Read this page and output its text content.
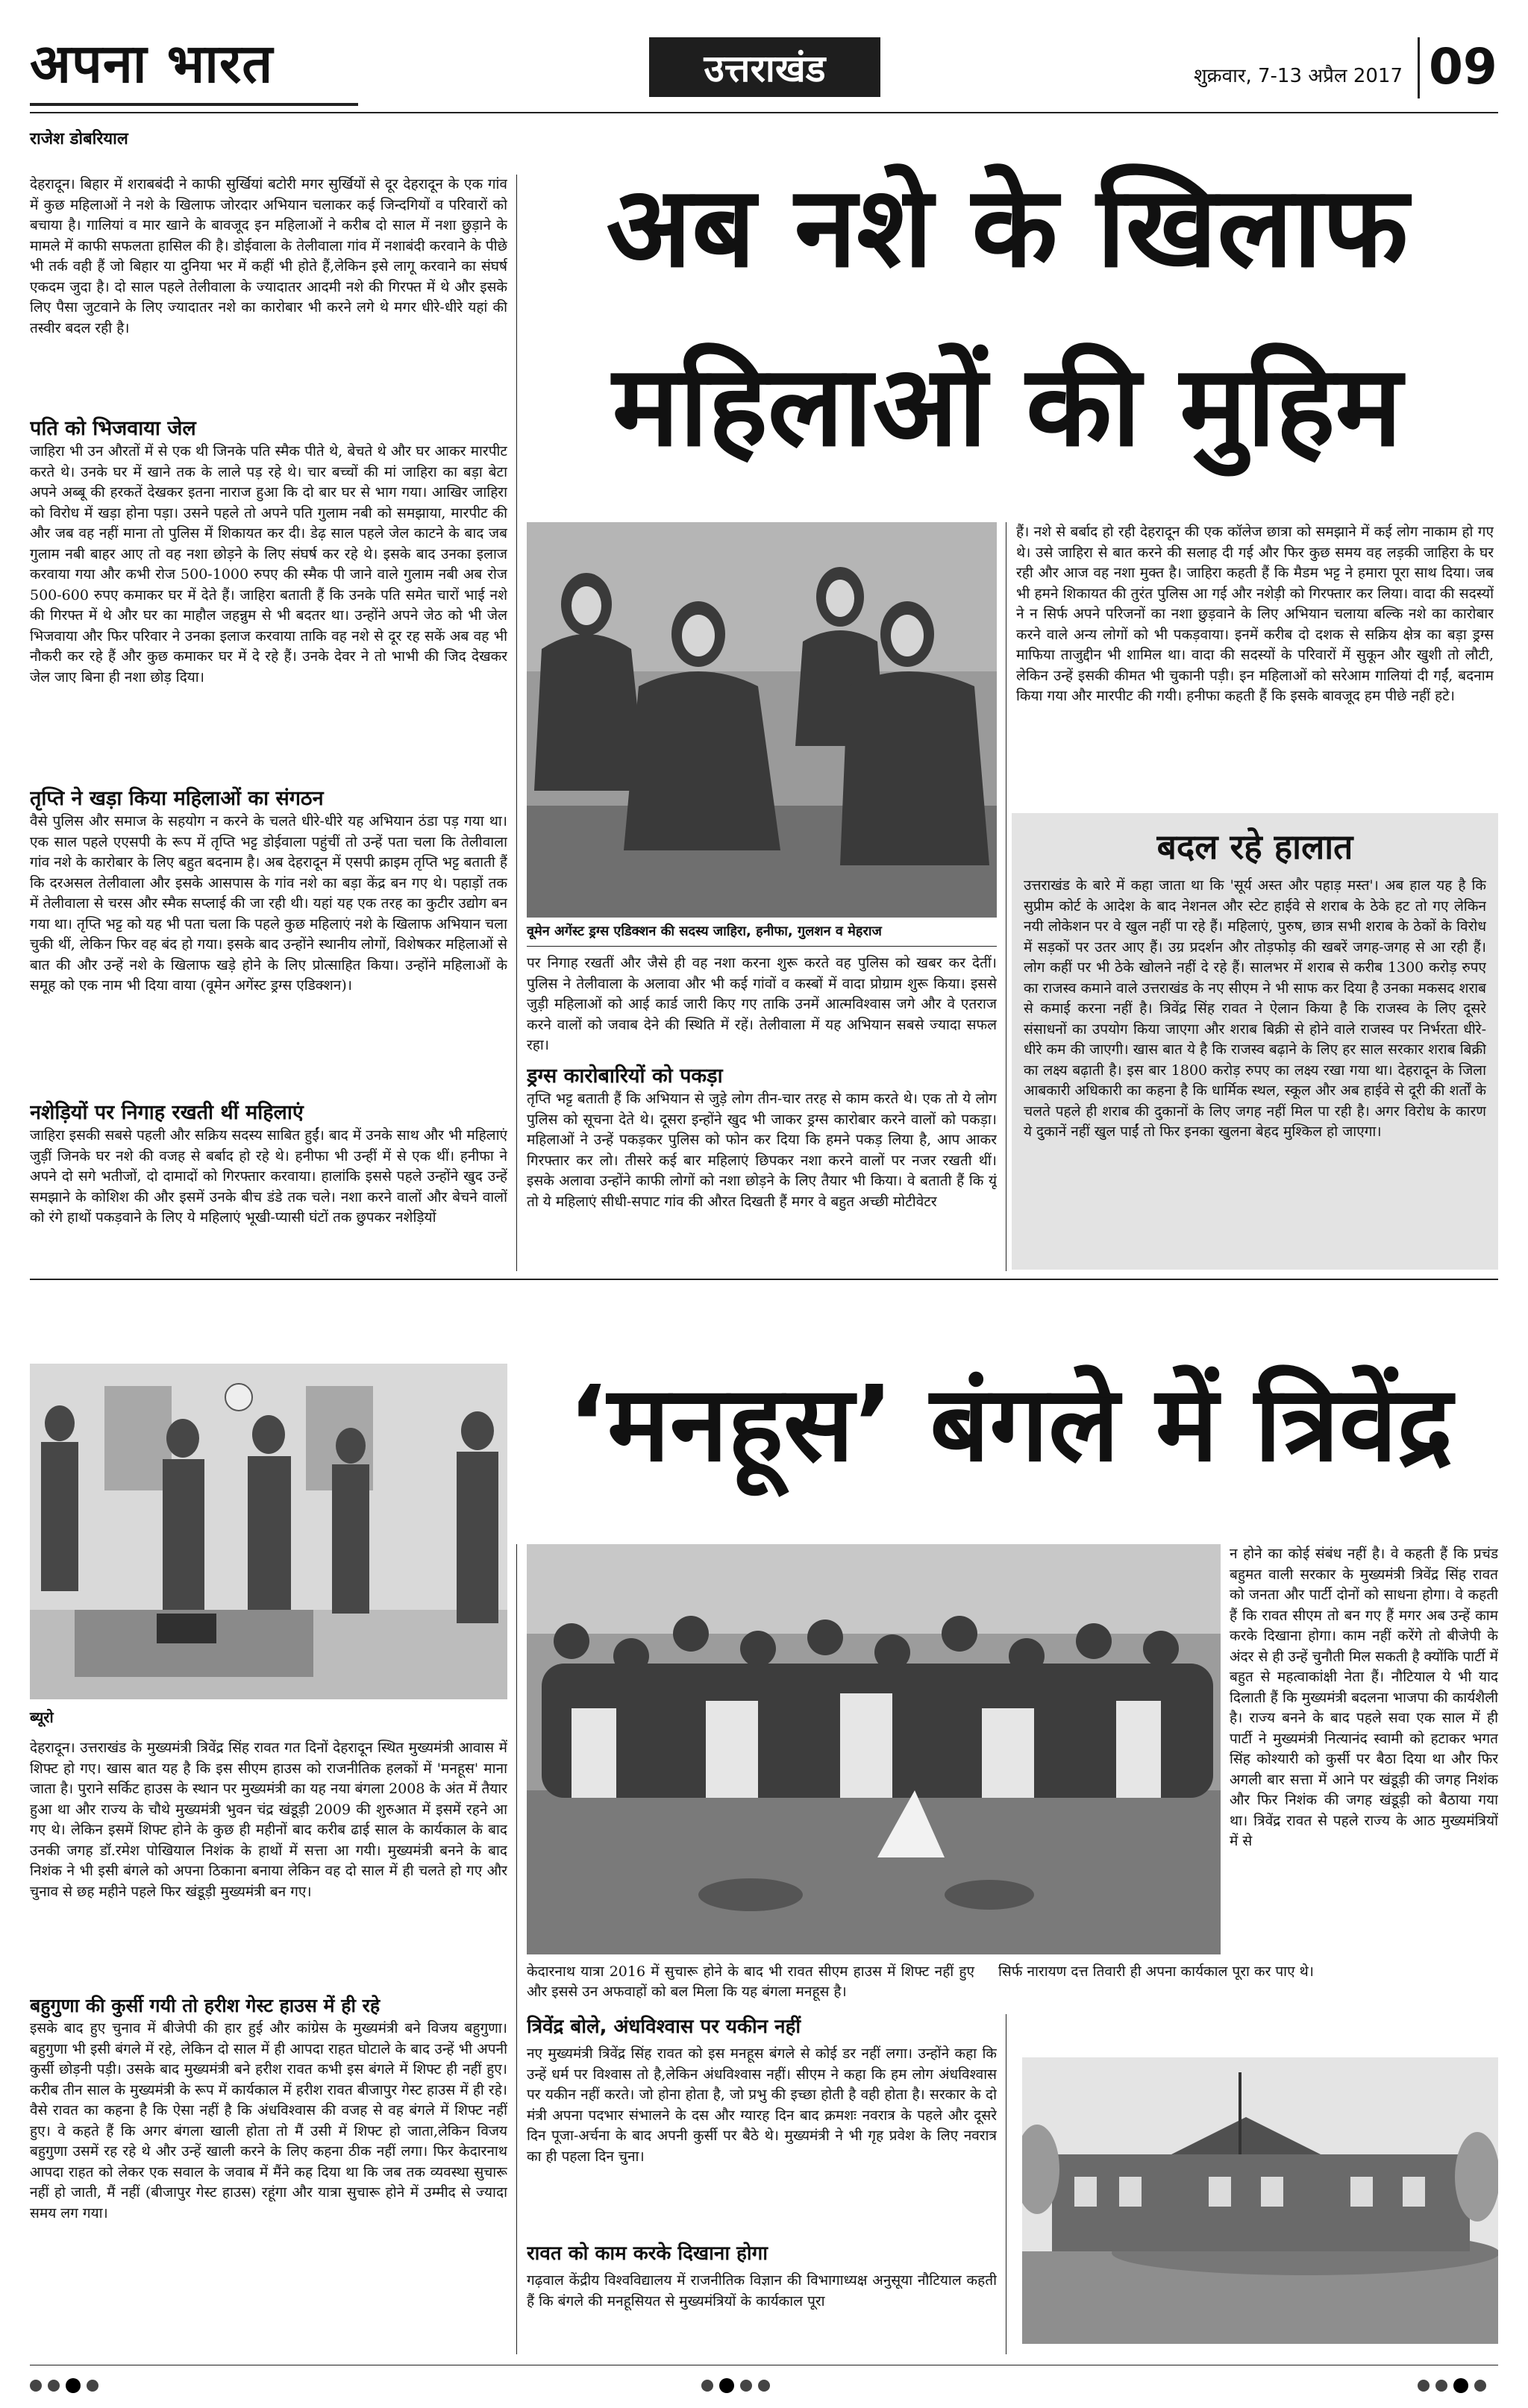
अपना भारत	उत्तराखंड	शुक्रवार, 7-13 अप्रैल 2017 09
राजेश डोबरियाल
अब नशे के खिलाफ
महिलाओं की मुहिम

देहरादून। बिहार में शराबबंदी ने काफी सुर्खियां बटोरी मगर सुर्खियों से दूर देहरादून के एक गांव में कुछ महिलाओं ने नशे के खिलाफ जोरदार अभियान चलाकर कई जिन्दगियों व परिवारों को बचाया है। गालियां व मार खाने के बावजूद इन महिलाओं ने करीब दो साल में नशा छुड़ाने के मामले में काफी सफलता हासिल की है। डोईवाला के तेलीवाला गांव में नशाबंदी करवाने के पीछे भी तर्क वही हैं जो बिहार या दुनिया भर में कहीं भी होते हैं,लेकिन इसे लागू करवाने का संघर्ष एकदम जुदा है। दो साल पहले तेलीवाला के ज्यादातर आदमी नशे की गिरफ्त में थे और इसके लिए पैसा जुटवाने के लिए ज्यादातर नशे का कारोबार भी करने लगे थे मगर धीरे-धीरे यहां की तस्वीर बदल रही है।

पति को भिजवाया जेल

जाहिरा भी उन औरतों में से एक थी जिनके पति स्मैक पीते थे, बेचते थे और घर आकर मारपीट करते थे। उनके घर में खाने तक के लाले पड़ रहे थे। चार बच्चों की मां जाहिरा का बड़ा बेटा अपने अब्बू की हरकतें देखकर इतना नाराज हुआ कि दो बार घर से भाग गया। आखिर जाहिरा को विरोध में खड़ा होना पड़ा। उसने पहले तो अपने पति गुलाम नबी को समझाया, मारपीट की और जब वह नहीं माना तो पुलिस में शिकायत कर दी। डेढ़ साल पहले जेल काटने के बाद जब गुलाम नबी बाहर आए तो वह नशा छोड़ने के लिए संघर्ष कर रहे थे। इसके बाद उनका इलाज करवाया गया और कभी रोज 500-1000 रुपए की स्मैक पी जाने वाले गुलाम नबी अब रोज 500-600 रुपए कमाकर घर में देते हैं। जाहिरा बताती हैं कि उनके पति समेत चारों भाई नशे की गिरफ्त में थे और घर का माहौल जहन्नुम से भी बदतर था। उन्होंने अपने जेठ को भी जेल भिजवाया और फिर परिवार ने उनका इलाज करवाया ताकि वह नशे से दूर रह सकें अब वह भी नौकरी कर रहे हैं और कुछ कमाकर घर में दे रहे हैं। उनके देवर ने तो भाभी की जिद देखकर जेल जाए बिना ही नशा छोड़ दिया।

तृप्ति ने खड़ा किया महिलाओं का संगठन

वैसे पुलिस और समाज के सहयोग न करने के चलते धीरे-धीरे यह अभियान ठंडा पड़ गया था। एक साल पहले एएसपी के रूप में तृप्ति भट्ट डोईवाला पहुंचीं तो उन्हें पता चला कि तेलीवाला गांव नशे के कारोबार के लिए बहुत बदनाम है। अब देहरादून में एसपी क्राइम तृप्ति भट्ट बताती हैं कि दरअसल तेलीवाला और इसके आसपास के गांव नशे का बड़ा केंद्र बन गए थे। पहाड़ों तक में तेलीवाला से चरस और स्मैक सप्लाई की जा रही थी। यहां यह एक तरह का कुटीर उद्योग बन गया था। तृप्ति भट्ट को यह भी पता चला कि पहले कुछ महिलाएं नशे के खिलाफ अभियान चला चुकी थीं, लेकिन फिर वह बंद हो गया। इसके बाद उन्होंने स्थानीय लोगों, विशेषकर महिलाओं से बात की और उन्हें नशे के खिलाफ खड़े होने के लिए प्रोत्साहित किया। उन्होंने महिलाओं के समूह को एक नाम भी दिया वाया (वूमेन अगेंस्ट ड्रग्स एडिक्शन)।

नशेड़ियों पर निगाह रखती थीं महिलाएं

जाहिरा इसकी सबसे पहली और सक्रिय सदस्य साबित हुईं। बाद में उनके साथ और भी महिलाएं जुड़ीं जिनके घर नशे की वजह से बर्बाद हो रहे थे। हनीफा भी उन्हीं में से एक थीं। हनीफा ने अपने दो सगे भतीजों, दो दामादों को गिरफ्तार करवाया। हालांकि इससे पहले उन्होंने खुद उन्हें समझाने के कोशिश की और इसमें उनके बीच डंडे तक चले। नशा करने वालों और बेचने वालों को रंगे हाथों पकड़वाने के लिए ये महिलाएं भूखी-प्यासी घंटों तक छुपकर नशेड़ियों

वूमेन अगेंस्ट ड्रग्स एडिक्शन की सदस्य जाहिरा, हनीफा, गुलशन व मेहराज

पर निगाह रखतीं और जैसे ही वह नशा करना शुरू करते वह पुलिस को खबर कर देतीं। पुलिस ने तेलीवाला के अलावा और भी कई गांवों व कस्बों में वादा प्रोग्राम शुरू किया। इससे जुड़ी महिलाओं को आई कार्ड जारी किए गए ताकि उनमें आत्मविश्वास जगे और वे एतराज करने वालों को जवाब देने की स्थिति में रहें। तेलीवाला में यह अभियान सबसे ज्यादा सफल रहा।

ड्रग्स कारोबारियों को पकड़ा

तृप्ति भट्ट बताती हैं कि अभियान से जुड़े लोग तीन-चार तरह से काम करते थे। एक तो ये लोग पुलिस को सूचना देते थे। दूसरा इन्होंने खुद भी जाकर ड्रग्स कारोबार करने वालों को पकड़ा। महिलाओं ने उन्हें पकड़कर पुलिस को फोन कर दिया कि हमने पकड़ लिया है, आप आकर गिरफ्तार कर लो। तीसरे कई बार महिलाएं छिपकर नशा करने वालों पर नजर रखती थीं। इसके अलावा उन्होंने काफी लोगों को नशा छोड़ने के लिए तैयार भी किया। वे बताती हैं कि यूं तो ये महिलाएं सीधी-सपाट गांव की औरत दिखती हैं मगर वे बहुत अच्छी मोटीवेटर

हैं। नशे से बर्बाद हो रही देहरादून की एक कॉलेज छात्रा को समझाने में कई लोग नाकाम हो गए थे। उसे जाहिरा से बात करने की सलाह दी गई और फिर कुछ समय वह लड़की जाहिरा के घर रही और आज वह नशा मुक्त है। जाहिरा कहती हैं कि मैडम भट्ट ने हमारा पूरा साथ दिया। जब भी हमने शिकायत की तुरंत पुलिस आ गई और नशेड़ी को गिरफ्तार कर लिया। वादा की सदस्यों ने न सिर्फ अपने परिजनों का नशा छुड़वाने के लिए अभियान चलाया बल्कि नशे का कारोबार करने वाले अन्य लोगों को भी पकड़वाया। इनमें करीब दो दशक से सक्रिय क्षेत्र का बड़ा ड्रग्स माफिया ताजुद्दीन भी शामिल था। वादा की सदस्यों के परिवारों में सुकून और खुशी तो लौटी, लेकिन उन्हें इसकी कीमत भी चुकानी पड़ी। इन महिलाओं को सरेआम गालियां दी गईं, बदनाम किया गया और मारपीट की गयी। हनीफा कहती हैं कि इसके बावजूद हम पीछे नहीं हटे।

बदल रहे हालात

उत्तराखंड के बारे में कहा जाता था कि 'सूर्य अस्त और पहाड़ मस्त'। अब हाल यह है कि सुप्रीम कोर्ट के आदेश के बाद नेशनल और स्टेट हाईवे से शराब के ठेके हट तो गए लेकिन नयी लोकेशन पर वे खुल नहीं पा रहे हैं। महिलाएं, पुरुष, छात्र सभी शराब के ठेकों के विरोध में सड़कों पर उतर आए हैं। उग्र प्रदर्शन और तोड़फोड़ की खबरें जगह-जगह से आ रही हैं। लोग कहीं पर भी ठेके खोलने नहीं दे रहे हैं। सालभर में शराब से करीब 1300 करोड़ रुपए का राजस्व कमाने वाले उत्तराखंड के नए सीएम ने भी साफ कर दिया है उनका मकसद शराब से कमाई करना नहीं है। त्रिवेंद्र सिंह रावत ने ऐलान किया है कि राजस्व के लिए दूसरे संसाधनों का उपयोग किया जाएगा और शराब बिक्री से होने वाले राजस्व पर निर्भरता धीरे-धीरे कम की जाएगी। खास बात ये है कि राजस्व बढ़ाने के लिए हर साल सरकार शराब बिक्री का लक्ष्य बढ़ाती है। इस बार 1800 करोड़ रुपए का लक्ष्य रखा गया था। देहरादून के जिला आबकारी अधिकारी का कहना है कि धार्मिक स्थल, स्कूल और अब हाईवे से दूरी की शर्तों के चलते पहले ही शराब की दुकानों के लिए जगह नहीं मिल पा रही है। अगर विरोध के कारण ये दुकानें नहीं खुल पाईं तो फिर इनका खुलना बेहद मुश्किल हो जाएगा।

ब्यूरो
‘मनहूस’ बंगले में त्रिवेंद्र

देहरादून। उत्तराखंड के मुख्यमंत्री त्रिवेंद्र सिंह रावत गत दिनों देहरादून स्थित मुख्यमंत्री आवास में शिफ्ट हो गए। खास बात यह है कि इस सीएम हाउस को राजनीतिक हलकों में 'मनहूस' माना जाता है। पुराने सर्किट हाउस के स्थान पर मुख्यमंत्री का यह नया बंगला 2008 के अंत में तैयार हुआ था और राज्य के चौथे मुख्यमंत्री भुवन चंद्र खंडूड़ी 2009 की शुरुआत में इसमें रहने आ गए थे। लेकिन इसमें शिफ्ट होने के कुछ ही महीनों बाद करीब ढाई साल के कार्यकाल के बाद उनकी जगह डॉ.रमेश पोखियाल निशंक के हाथों में सत्ता आ गयी। मुख्यमंत्री बनने के बाद निशंक ने भी इसी बंगले को अपना ठिकाना बनाया लेकिन वह दो साल में ही चलते हो गए और चुनाव से छह महीने पहले फिर खंडूड़ी मुख्यमंत्री बन गए।

बहुगुणा की कुर्सी गयी तो हरीश गेस्ट हाउस में ही रहे

इसके बाद हुए चुनाव में बीजेपी की हार हुई और कांग्रेस के मुख्यमंत्री बने विजय बहुगुणा। बहुगुणा भी इसी बंगले में रहे, लेकिन दो साल में ही आपदा राहत घोटाले के बाद उन्हें भी अपनी कुर्सी छोड़नी पड़ी। उसके बाद मुख्यमंत्री बने हरीश रावत कभी इस बंगले में शिफ्ट ही नहीं हुए। करीब तीन साल के मुख्यमंत्री के रूप में कार्यकाल में हरीश रावत बीजापुर गेस्ट हाउस में ही रहे। वैसे रावत का कहना है कि ऐसा नहीं है कि अंधविश्वास की वजह से वह बंगले में शिफ्ट नहीं हुए। वे कहते हैं कि अगर बंगला खाली होता तो मैं उसी में शिफ्ट हो जाता,लेकिन विजय बहुगुणा उसमें रह रहे थे और उन्हें खाली करने के लिए कहना ठीक नहीं लगा। फिर केदारनाथ आपदा राहत को लेकर एक सवाल के जवाब में मैंने कह दिया था कि जब तक व्यवस्था सुचारू नहीं हो जाती, मैं नहीं (बीजापुर गेस्ट हाउस) रहूंगा और यात्रा सुचारू होने में उम्मीद से ज्यादा समय लग गया।

केदारनाथ यात्रा 2016 में सुचारू होने के बाद भी रावत सीएम हाउस में शिफ्ट नहीं हुए और इससे उन अफवाहों को बल मिला कि यह बंगला मनहूस है।

न होने का कोई संबंध नहीं है। वे कहती हैं कि प्रचंड बहुमत वाली सरकार के मुख्यमंत्री त्रिवेंद्र सिंह रावत को जनता और पार्टी दोनों को साधना होगा। वे कहती हैं कि रावत सीएम तो बन गए हैं मगर अब उन्हें काम करके दिखाना होगा। काम नहीं करेंगे तो बीजेपी के अंदर से ही उन्हें चुनौती मिल सकती है क्योंकि पार्टी में बहुत से महत्वाकांक्षी नेता हैं। नौटियाल ये भी याद दिलाती हैं कि मुख्यमंत्री बदलना भाजपा की कार्यशैली है। राज्य बनने के बाद पहले सवा एक साल में ही पार्टी ने मुख्यमंत्री नित्यानंद स्वामी को हटाकर भगत सिंह कोश्यारी को कुर्सी पर बैठा दिया था और फिर अगली बार सत्ता में आने पर खंडूड़ी की जगह निशंक और फिर निशंक की जगह खंडूड़ी को बैठाया गया था। त्रिवेंद्र रावत से पहले राज्य के आठ मुख्यमंत्रियों में से

सिर्फ नारायण दत्त तिवारी ही अपना कार्यकाल पूरा कर पाए थे।

त्रिवेंद्र बोले, अंधविश्वास पर यकीन नहीं

नए मुख्यमंत्री त्रिवेंद्र सिंह रावत को इस मनहूस बंगले से कोई डर नहीं लगा। उन्होंने कहा कि उन्हें धर्म पर विश्वास तो है,लेकिन अंधविश्वास नहीं। सीएम ने कहा कि हम लोग अंधविश्वास पर यकीन नहीं करते। जो होना होता है, जो प्रभु की इच्छा होती है वही होता है। सरकार के दो मंत्री अपना पदभार संभालने के दस और ग्यारह दिन बाद क्रमशः नवरात्र के पहले और दूसरे दिन पूजा-अर्चना के बाद अपनी कुर्सी पर बैठे थे। मुख्यमंत्री ने भी गृह प्रवेश के लिए नवरात्र का ही पहला दिन चुना।

रावत को काम करके दिखाना होगा

गढ़वाल केंद्रीय विश्वविद्यालय में राजनीतिक विज्ञान की विभागाध्यक्ष अनुसूया नौटियाल कहती हैं कि बंगले की मनहूसियत से मुख्यमंत्रियों के कार्यकाल पूरा
